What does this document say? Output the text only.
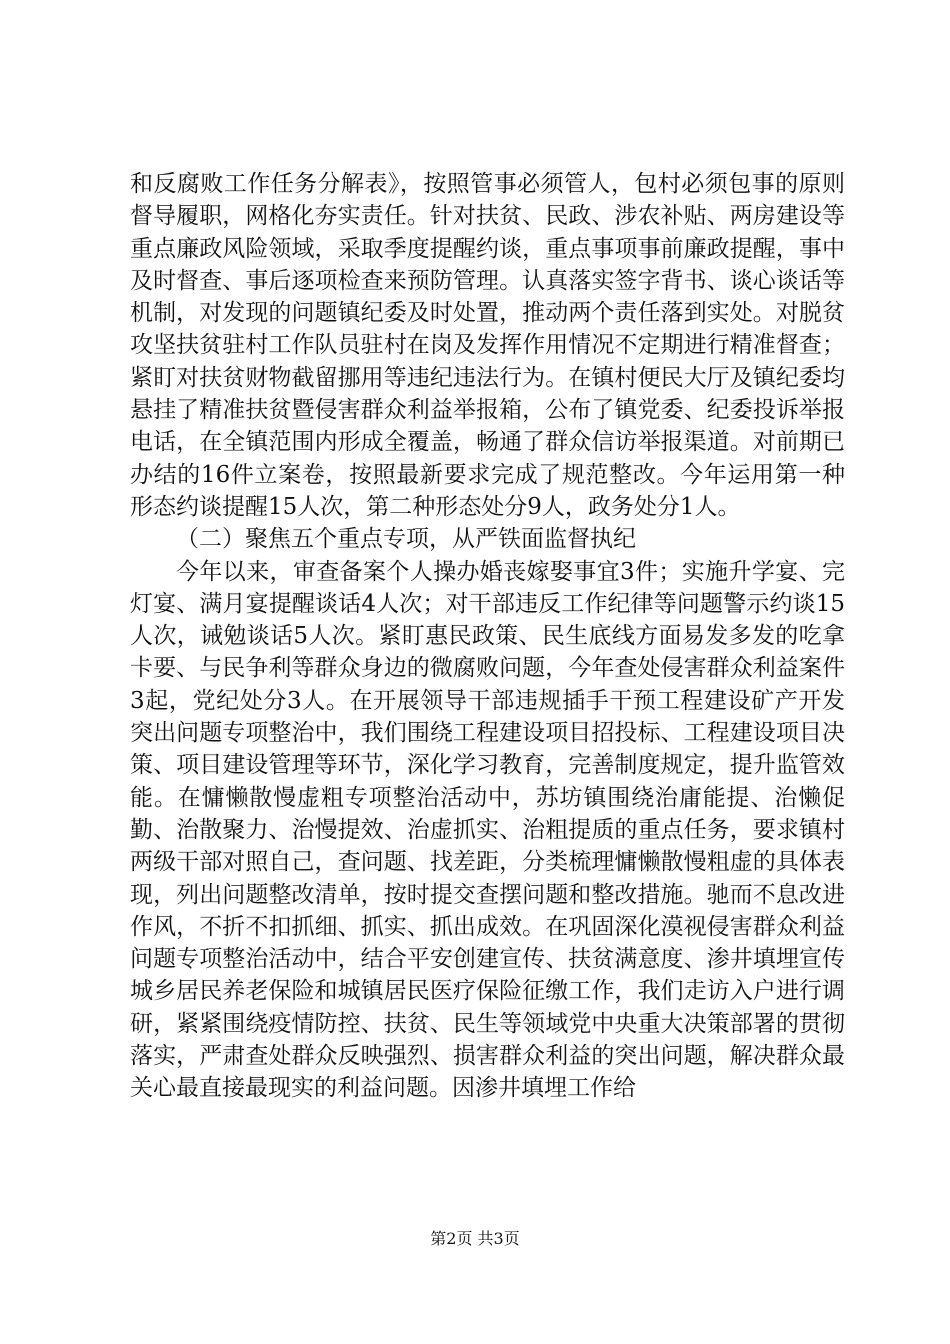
和反腐败工作任务分解表》，按照管事必须管人，包村必须包事的原则督导履职，网格化夯实责任。针对扶贫、民政、涉农补贴、两房建设等重点廉政风险领域，采取季度提醒约谈，重点事项事前廉政提醒，事中及时督查、事后逐项检查来预防管理。认真落实签字背书、谈心谈话等机制，对发现的问题镇纪委及时处置，推动两个责任落到实处。对脱贫攻坚扶贫驻村工作队员驻村在岗及发挥作用情况不定期进行精准督查；紧盯对扶贫财物截留挪用等违纪违法行为。在镇村便民大厅及镇纪委均悬挂了精准扶贫暨侵害群众利益举报箱，公布了镇党委、纪委投诉举报电话，在全镇范围内形成全覆盖，畅通了群众信访举报渠道。对前期已办结的16件立案卷，按照最新要求完成了规范整改。今年运用第一种形态约谈提醒15人次，第二种形态处分9人，政务处分1人。

（二）聚焦五个重点专项，从严铁面监督执纪

今年以来，审查备案个人操办婚丧嫁娶事宜3件；实施升学宴、完灯宴、满月宴提醒谈话4人次；对干部违反工作纪律等问题警示约谈15人次，诫勉谈话5人次。紧盯惠民政策、民生底线方面易发多发的吃拿卡要、与民争利等群众身边的微腐败问题，今年查处侵害群众利益案件3起，党纪处分3人。在开展领导干部违规插手干预工程建设矿产开发突出问题专项整治中，我们围绕工程建设项目招投标、工程建设项目决策、项目建设管理等环节，深化学习教育，完善制度规定，提升监管效能。在慵懒散慢虚粗专项整治活动中，苏坊镇围绕治庸能提、治懒促勤、治散聚力、治慢提效、治虚抓实、治粗提质的重点任务，要求镇村两级干部对照自己，查问题、找差距，分类梳理慵懒散慢粗虚的具体表现，列出问题整改清单，按时提交查摆问题和整改措施。驰而不息改进作风，不折不扣抓细、抓实、抓出成效。在巩固深化漠视侵害群众利益问题专项整治活动中，结合平安创建宣传、扶贫满意度、渗井填埋宣传城乡居民养老保险和城镇居民医疗保险征缴工作，我们走访入户进行调研，紧紧围绕疫情防控、扶贫、民生等领域党中央重大决策部署的贯彻落实，严肃查处群众反映强烈、损害群众利益的突出问题，解决群众最关心最直接最现实的利益问题。因渗井填埋工作给

第2页 共3页
